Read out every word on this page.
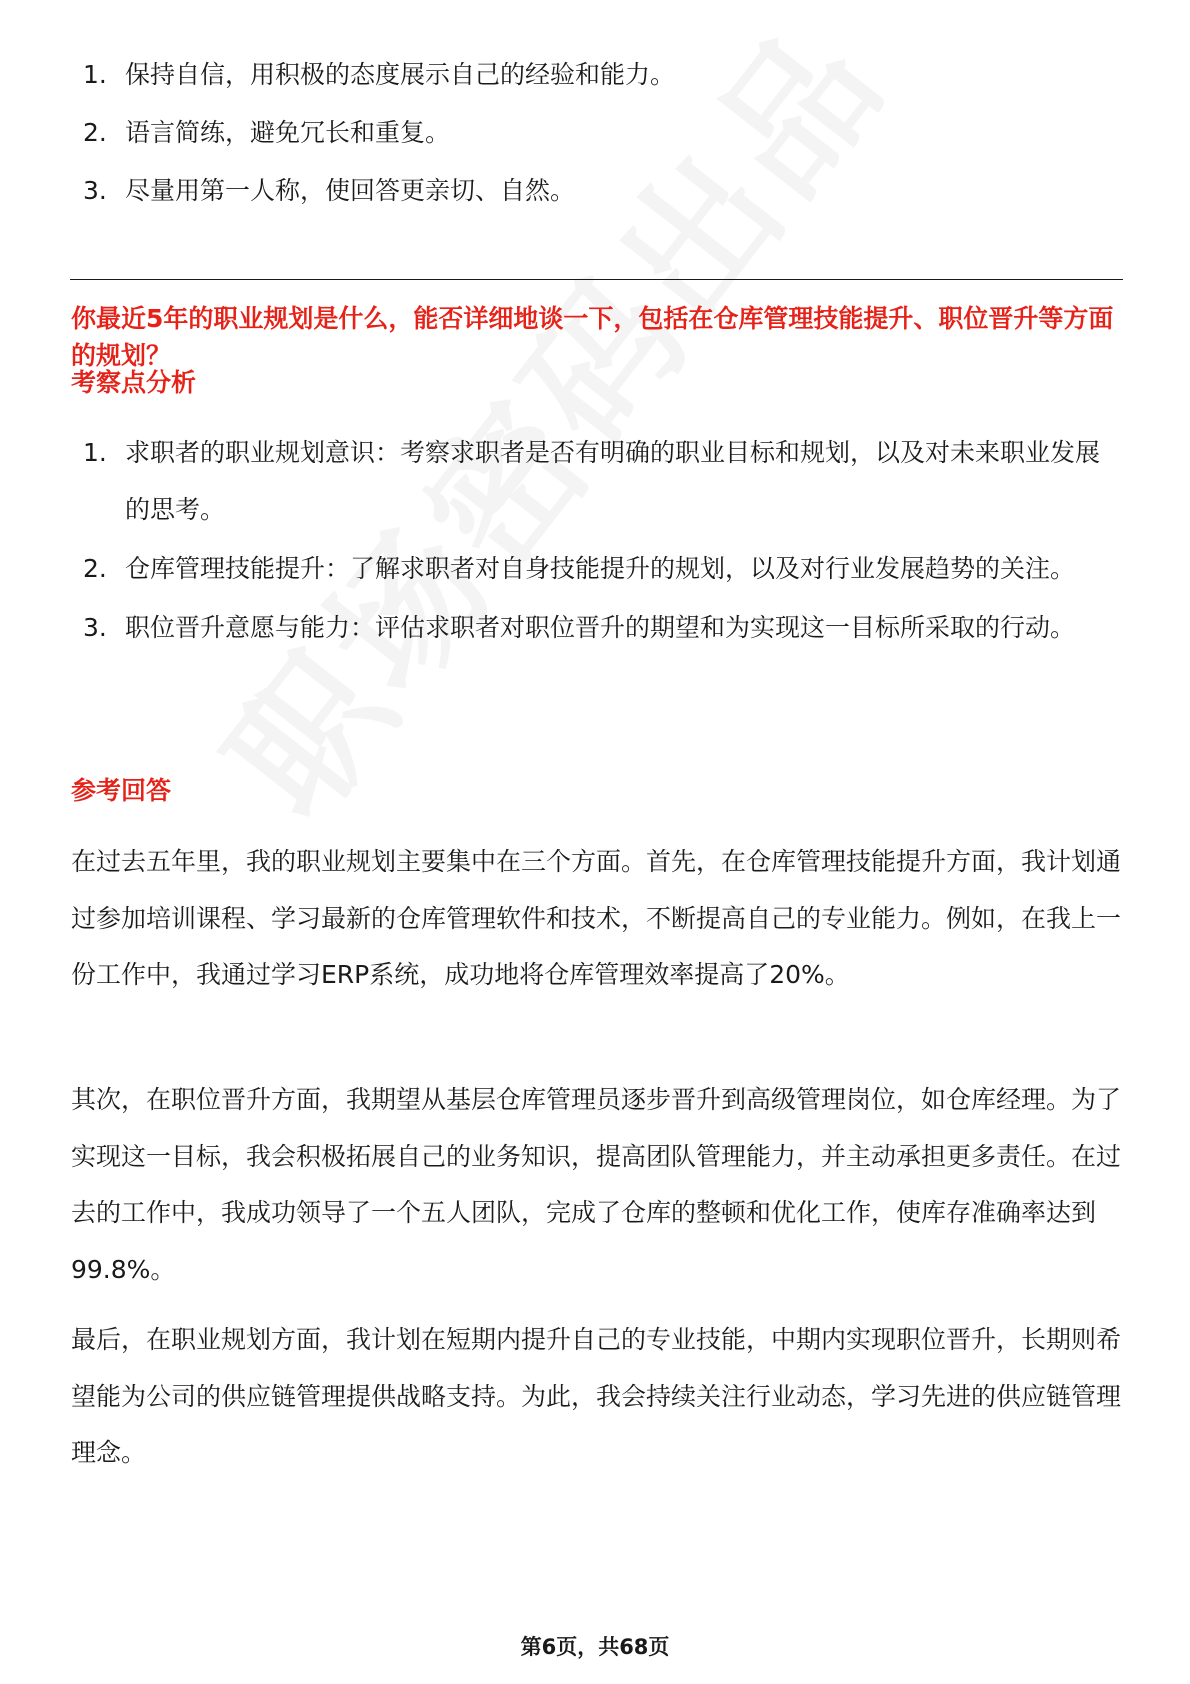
1. 保持自信，用积极的态度展示自己的经验和能力。
2. 语言简练，避免冗长和重复。
3. 尽量用第一人称，使回答更亲切、自然。

你最近5年的职业规划是什么，能否详细地谈一下，包括在仓库管理技能提升、职位晋升等方面的规划？

考察点分析
1. 求职者的职业规划意识：考察求职者是否有明确的职业目标和规划，以及对未来职业发展的思考。
2. 仓库管理技能提升：了解求职者对自身技能提升的规划，以及对行业发展趋势的关注。
3. 职位晋升意愿与能力：评估求职者对职位晋升的期望和为实现这一目标所采取的行动。
参考回答

在过去五年里，我的职业规划主要集中在三个方面。首先，在仓库管理技能提升方面，我计划通过参加培训课程、学习最新的仓库管理软件和技术，不断提高自己的专业能力。例如，在我上一份工作中，我通过学习ERP系统，成功地将仓库管理效率提高了20%。

其次，在职位晋升方面，我期望从基层仓库管理员逐步晋升到高级管理岗位，如仓库经理。为了实现这一目标，我会积极拓展自己的业务知识，提高团队管理能力，并主动承担更多责任。在过去的工作中，我成功领导了一个五人团队，完成了仓库的整顿和优化工作，使库存准确率达到99.8%。

最后，在职业规划方面，我计划在短期内提升自己的专业技能，中期内实现职位晋升，长期则希望能为公司的供应链管理提供战略支持。为此，我会持续关注行业动态，学习先进的供应链管理理念。

第6页，共68页
